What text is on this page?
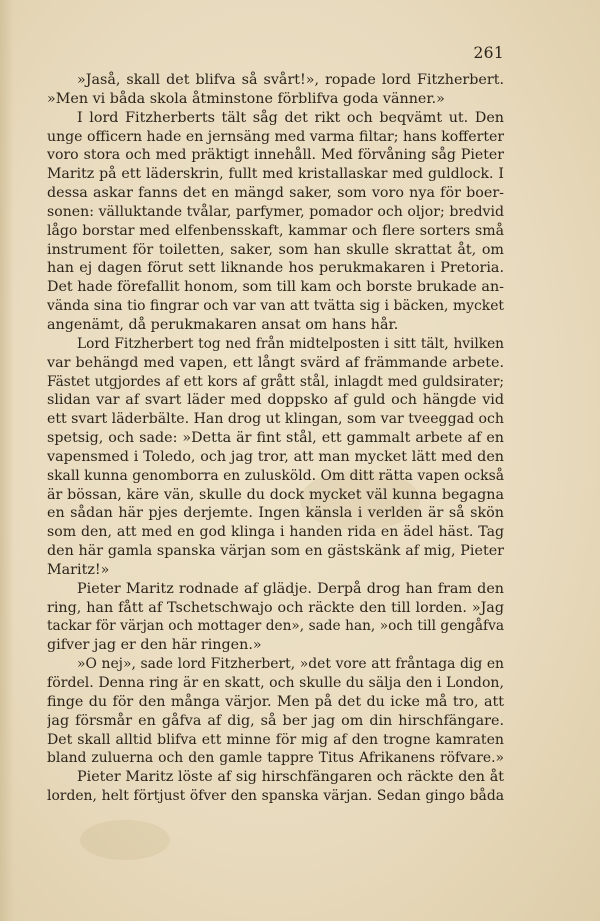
261
»Jaså, skall det blifva så svårt!», ropade lord Fitzherbert.
»Men vi båda skola åtminstone förblifva goda vänner.»
I lord Fitzherberts tält såg det rikt och beqvämt ut. Den
unge officern hade en jernsäng med varma filtar; hans kofferter
voro stora och med präktigt innehåll. Med förvåning såg Pieter
Maritz på ett läderskrin, fullt med kristallaskar med guldlock. I
dessa askar fanns det en mängd saker, som voro nya för boer-
sonen: välluktande tvålar, parfymer, pomador och oljor; bredvid
lågo borstar med elfenbensskaft, kammar och flere sorters små
instrument för toiletten, saker, som han skulle skrattat åt, om
han ej dagen förut sett liknande hos perukmakaren i Pretoria.
Det hade förefallit honom, som till kam och borste brukade an-
vända sina tio fingrar och var van att tvätta sig i bäcken, mycket
angenämt, då perukmakaren ansat om hans hår.
Lord Fitzherbert tog ned från midtelposten i sitt tält, hvilken
var behängd med vapen, ett långt svärd af främmande arbete.
Fästet utgjordes af ett kors af grått stål, inlagdt med guldsirater;
slidan var af svart läder med doppsko af guld och hängde vid
ett svart läderbälte. Han drog ut klingan, som var tveeggad och
spetsig, och sade: »Detta är fint stål, ett gammalt arbete af en
vapensmed i Toledo, och jag tror, att man mycket lätt med den
skall kunna genomborra en zulusköld. Om ditt rätta vapen också
är bössan, käre vän, skulle du dock mycket väl kunna begagna
en sådan här pjes derjemte. Ingen känsla i verlden är så skön
som den, att med en god klinga i handen rida en ädel häst. Tag
den här gamla spanska värjan som en gästskänk af mig, Pieter
Maritz!»
Pieter Maritz rodnade af glädje. Derpå drog han fram den
ring, han fått af Tschetschwajo och räckte den till lorden. »Jag
tackar för värjan och mottager den», sade han, »och till gengåfva
gifver jag er den här ringen.»
»O nej», sade lord Fitzherbert, »det vore att fråntaga dig en
fördel. Denna ring är en skatt, och skulle du sälja den i London,
finge du för den många värjor. Men på det du icke må tro, att
jag försmår en gåfva af dig, så ber jag om din hirschfängare.
Det skall alltid blifva ett minne för mig af den trogne kamraten
bland zuluerna och den gamle tappre Titus Afrikanens röfvare.»
Pieter Maritz löste af sig hirschfängaren och räckte den åt
lorden, helt förtjust öfver den spanska värjan. Sedan gingo båda
